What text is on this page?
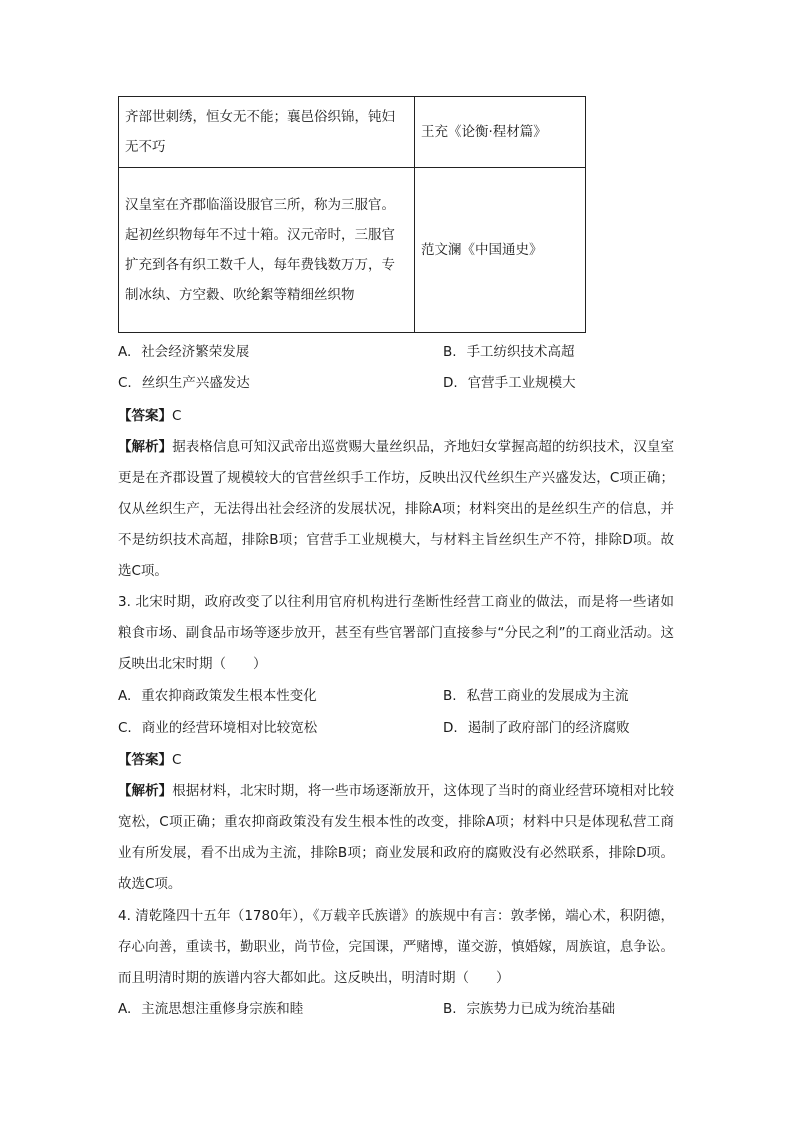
齐部世刺绣，恒女无不能；襄邑俗织锦，钝妇无不巧	王充《论衡·程材篇》
汉皇室在齐郡临淄设服官三所，称为三服官。起初丝织物每年不过十箱。汉元帝时，三服官扩充到各有织工数千人，每年费钱数万万，专制冰纨、方空縠、吹纶絮等精细丝织物	范文澜《中国通史》
A. 社会经济繁荣发展	B. 手工纺织技术高超
C. 丝织生产兴盛发达	D. 官营手工业规模大
【答案】C
【解析】据表格信息可知汉武帝出巡赏赐大量丝织品，齐地妇女掌握高超的纺织技术，汉皇室更是在齐郡设置了规模较大的官营丝织手工作坊，反映出汉代丝织生产兴盛发达，C项正确；仅从丝织生产，无法得出社会经济的发展状况，排除A项；材料突出的是丝织生产的信息，并不是纺织技术高超，排除B项；官营手工业规模大，与材料主旨丝织生产不符，排除D项。故选C项。
3. 北宋时期，政府改变了以往利用官府机构进行垄断性经营工商业的做法，而是将一些诸如粮食市场、副食品市场等逐步放开，甚至有些官署部门直接参与“分民之利”的工商业活动。这反映出北宋时期（　　）
A. 重农抑商政策发生根本性变化	B. 私营工商业的发展成为主流
C. 商业的经营环境相对比较宽松	D. 遏制了政府部门的经济腐败
【答案】C
【解析】根据材料，北宋时期，将一些市场逐渐放开，这体现了当时的商业经营环境相对比较宽松，C项正确；重农抑商政策没有发生根本性的改变，排除A项；材料中只是体现私营工商业有所发展，看不出成为主流，排除B项；商业发展和政府的腐败没有必然联系，排除D项。故选C项。
4. 清乾隆四十五年（1780年），《万载辛氏族谱》的族规中有言：敦孝悌，端心术，积阴德，存心向善，重读书，勤职业，尚节俭，完国课，严赌博，谨交游，慎婚嫁，周族谊，息争讼。而且明清时期的族谱内容大都如此。这反映出，明清时期（　　）
A. 主流思想注重修身宗族和睦	B. 宗族势力已成为统治基础
